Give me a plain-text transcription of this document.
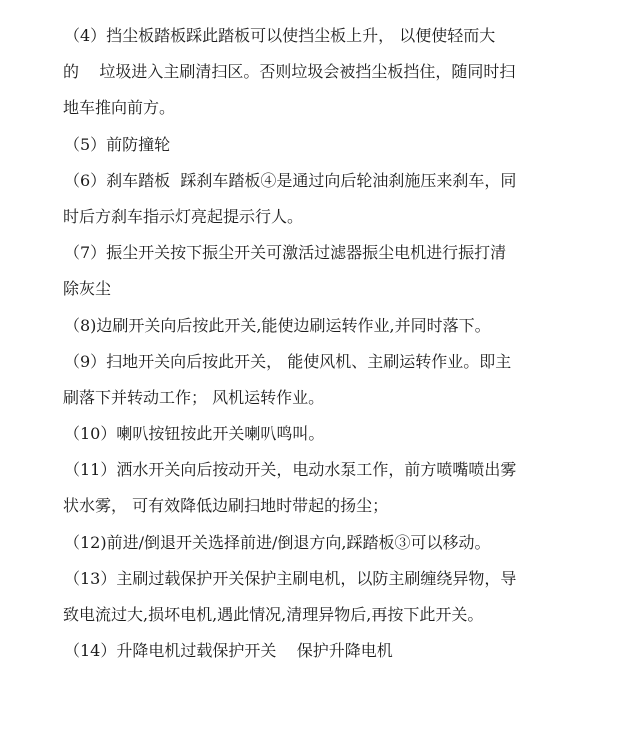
（4）挡尘板踏板踩此踏板可以使挡尘板上升， 以便使轻而大
的    垃圾进入主刷清扫区。否则垃圾会被挡尘板挡住，随同时扫
地车推向前方。
（5）前防撞轮
（6）刹车踏板  踩刹车踏板④是通过向后轮油刹施压来刹车，同
时后方刹车指示灯亮起提示行人。
（7）振尘开关按下振尘开关可激活过滤器振尘电机进行振打清
除灰尘
（8)边刷开关向后按此开关,能使边刷运转作业,并同时落下。
（9）扫地开关向后按此开关， 能使风机、主刷运转作业。即主
刷落下并转动工作； 风机运转作业。
（10）喇叭按钮按此开关喇叭鸣叫。
（11）洒水开关向后按动开关，电动水泵工作，前方喷嘴喷出雾
状水雾， 可有效降低边刷扫地时带起的扬尘；
（12)前进/倒退开关选择前进/倒退方向,踩踏板③可以移动。
（13）主刷过载保护开关保护主刷电机，以防主刷缠绕异物，导
致电流过大,损坏电机,遇此情况,清理异物后,再按下此开关。
（14）升降电机过载保护开关    保护升降电机
